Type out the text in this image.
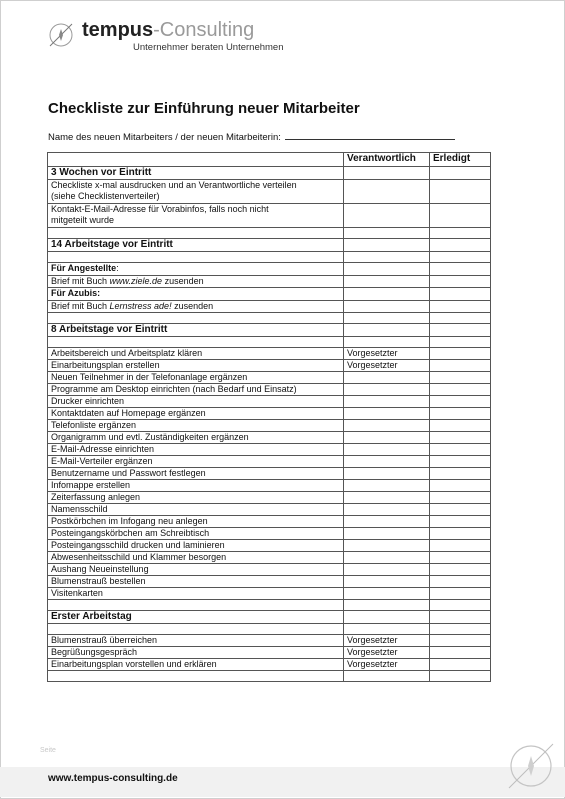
tempus-Consulting
Unternehmer beraten Unternehmen
Checkliste zur Einführung neuer Mitarbeiter
Name des neuen Mitarbeiters / der neuen Mitarbeiterin:
	Verantwortlich	Erledigt
3 Wochen vor Eintritt		

Checkliste x-mal ausdrucken und an Verantwortliche verteilen
(siehe Checklistenverteiler)		

Kontakt-E-Mail-Adresse für Vorabinfos, falls noch nicht
mitgeteilt wurde		

14 Arbeitstage vor Eintritt		

Für Angestellte:		
Brief mit Buch www.ziele.de zusenden		
Für Azubis:		
Brief mit Buch Lernstress ade! zusenden		

8 Arbeitstage vor Eintritt		

Arbeitsbereich und Arbeitsplatz klären	Vorgesetzter	
Einarbeitungsplan erstellen	Vorgesetzter	
Neuen Teilnehmer in der Telefonanlage ergänzen		
Programme am Desktop einrichten (nach Bedarf und Einsatz)		
Drucker einrichten		
Kontaktdaten auf Homepage ergänzen		
Telefonliste ergänzen		
Organigramm und evtl. Zuständigkeiten ergänzen		
E-Mail-Adresse einrichten		
E-Mail-Verteiler ergänzen		
Benutzername und Passwort festlegen		
Infomappe erstellen		
Zeiterfassung anlegen		
Namensschild		
Postkörbchen im Infogang neu anlegen		
Posteingangskörbchen am Schreibtisch		
Posteingangsschild drucken und laminieren		
Abwesenheitsschild und Klammer besorgen		
Aushang Neueinstellung		
Blumenstrauß bestellen		
Visitenkarten		

Erster Arbeitstag		

Blumenstrauß überreichen	Vorgesetzter	
Begrüßungsgespräch	Vorgesetzter	
Einarbeitungsplan vorstellen und erklären	Vorgesetzter	

Seite
www.tempus-consulting.de
